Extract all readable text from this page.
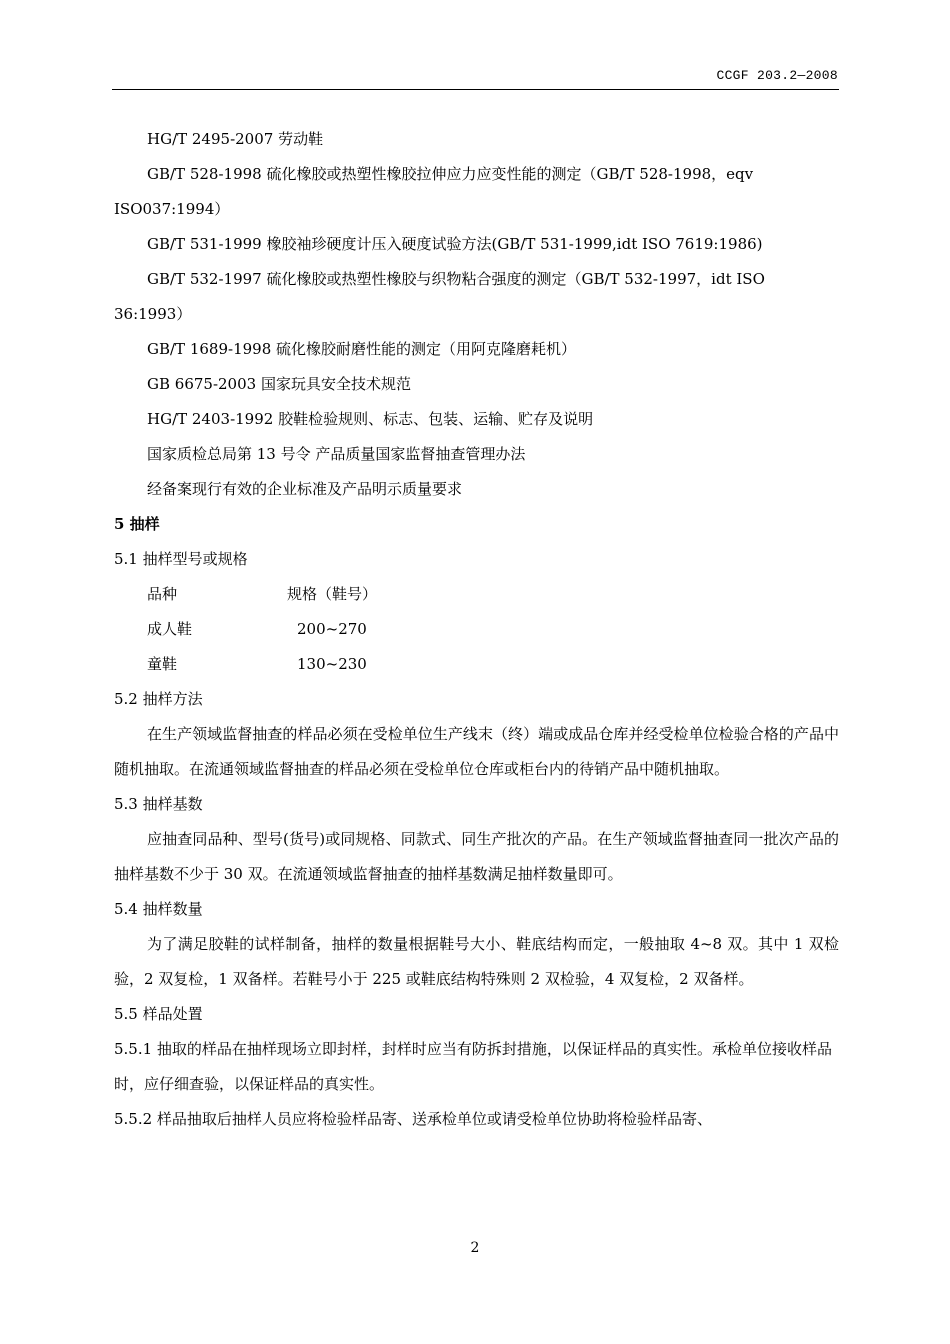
CCGF 203.2—2008

HG/T 2495-2007 劳动鞋

GB/T 528-1998 硫化橡胶或热塑性橡胶拉伸应力应变性能的测定（GB/T 528-1998，eqv ISO037:1994）

GB/T 531-1999 橡胶袖珍硬度计压入硬度试验方法(GB/T 531-1999,idt ISO 7619:1986)

GB/T 532-1997 硫化橡胶或热塑性橡胶与织物粘合强度的测定（GB/T 532-1997，idt ISO 36:1993）

GB/T 1689-1998 硫化橡胶耐磨性能的测定（用阿克隆磨耗机）

GB 6675-2003 国家玩具安全技术规范

HG/T 2403-1992 胶鞋检验规则、标志、包装、运输、贮存及说明

国家质检总局第 13 号令 产品质量国家监督抽查管理办法

经备案现行有效的企业标准及产品明示质量要求

5 抽样

5.1 抽样型号或规格

品种	规格（鞋号）
成人鞋	200~270
童鞋	130~230

5.2 抽样方法

在生产领域监督抽查的样品必须在受检单位生产线末（终）端或成品仓库并经受检单位检验合格的产品中随机抽取。在流通领域监督抽查的样品必须在受检单位仓库或柜台内的待销产品中随机抽取。

5.3 抽样基数

应抽查同品种、型号(货号)或同规格、同款式、同生产批次的产品。在生产领域监督抽查同一批次产品的抽样基数不少于 30 双。在流通领域监督抽查的抽样基数满足抽样数量即可。

5.4 抽样数量

为了满足胶鞋的试样制备，抽样的数量根据鞋号大小、鞋底结构而定，一般抽取 4~8 双。其中 1 双检验，2 双复检，1 双备样。若鞋号小于 225 或鞋底结构特殊则 2 双检验，4 双复检，2 双备样。

5.5 样品处置

5.5.1 抽取的样品在抽样现场立即封样，封样时应当有防拆封措施，以保证样品的真实性。承检单位接收样品时，应仔细查验，以保证样品的真实性。

5.5.2 样品抽取后抽样人员应将检验样品寄、送承检单位或请受检单位协助将检验样品寄、

2
